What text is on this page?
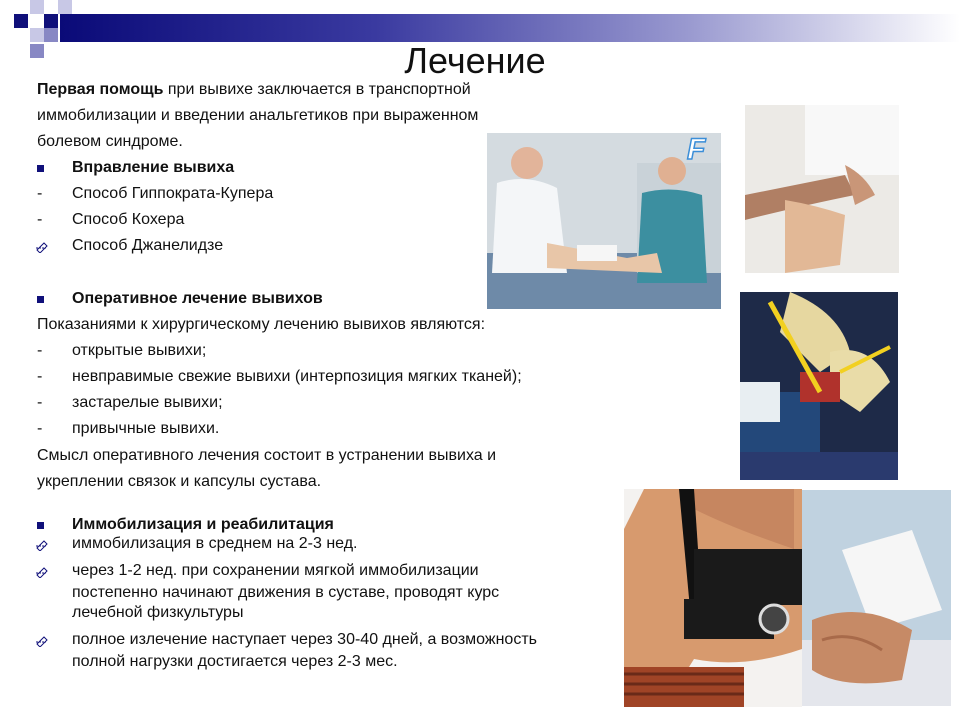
Лечение
Первая помощь при вывихе заключается в транспортной
иммобилизации и введении анальгетиков при выраженном
болевом синдроме.
Вправление вывиха
- Способ Гиппократа-Купера
- Способ Кохера
Способ Джанелидзе
Оперативное лечение вывихов
Показаниями к хирургическому лечению вывихов являются:
- открытые вывихи;
- невправимые свежие вывихи (интерпозиция мягких тканей);
- застарелые вывихи;
- привычные вывихи.
Смысл оперативного лечения состоит в устранении вывиха и
укреплении связок и капсулы сустава.
Иммобилизация и реабилитация
иммобилизация в среднем на 2-3 нед.
через 1-2 нед. при сохранении мягкой иммобилизации
постепенно начинают движения в суставе, проводят курс
лечебной физкультуры
полное излечение наступает через 30-40 дней, а возможность
полной нагрузки достигается через 2-3 мес.
F
